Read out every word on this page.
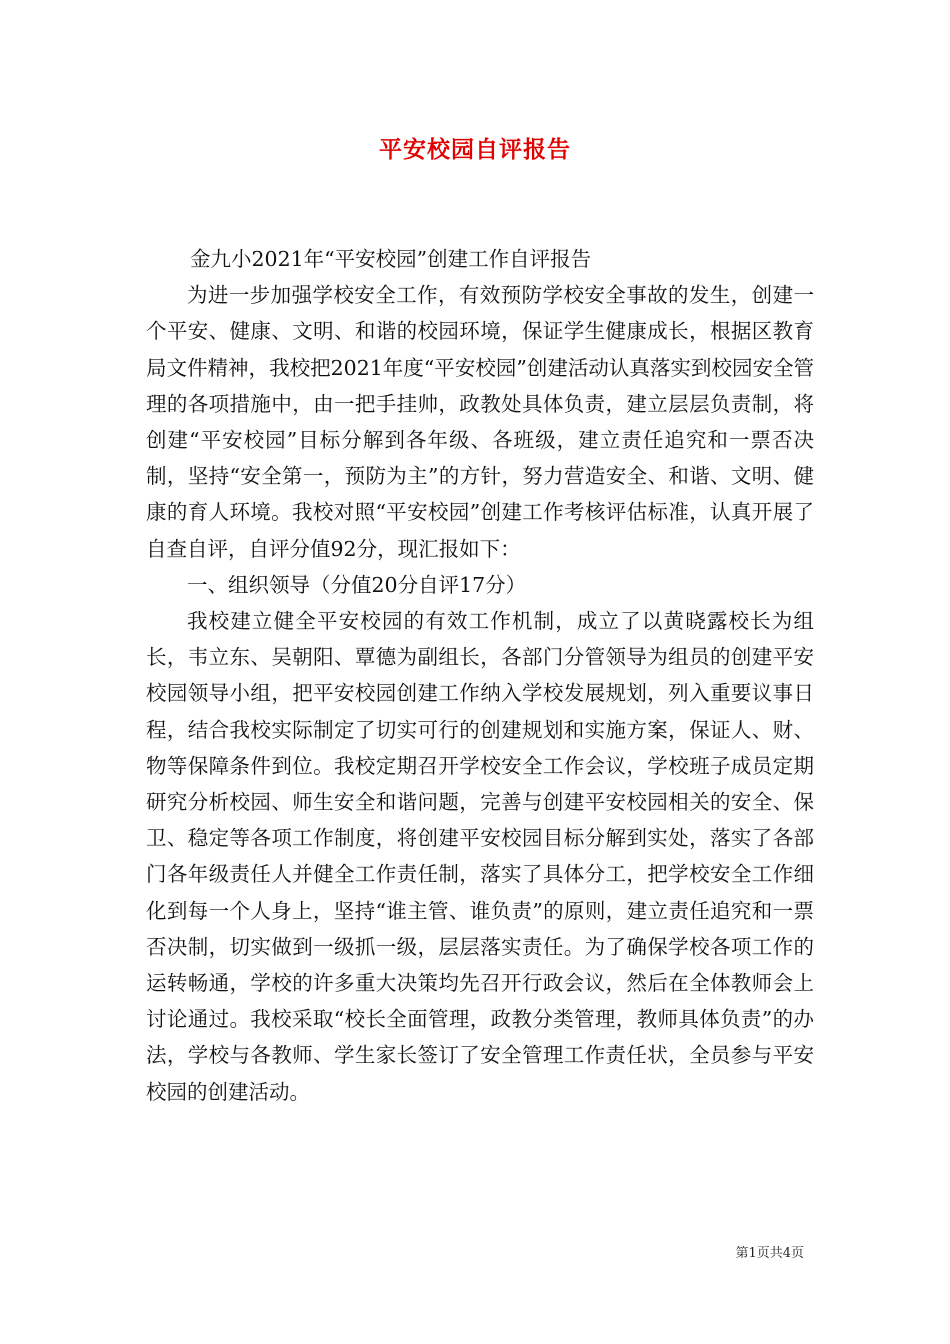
平安校园自评报告
金九小2021年“平安校园”创建工作自评报告

为进一步加强学校安全工作，有效预防学校安全事故的发生，创建一个平安、健康、文明、和谐的校园环境，保证学生健康成长，根据区教育局文件精神，我校把2021年度“平安校园”创建活动认真落实到校园安全管理的各项措施中，由一把手挂帅，政教处具体负责，建立层层负责制，将创建“平安校园”目标分解到各年级、各班级，建立责任追究和一票否决制，坚持“安全第一，预防为主”的方针，努力营造安全、和谐、文明、健康的育人环境。我校对照“平安校园”创建工作考核评估标准，认真开展了自查自评，自评分值92分，现汇报如下：

一、组织领导（分值20分自评17分）

我校建立健全平安校园的有效工作机制，成立了以黄晓露校长为组长，韦立东、吴朝阳、覃德为副组长，各部门分管领导为组员的创建平安校园领导小组，把平安校园创建工作纳入学校发展规划，列入重要议事日程，结合我校实际制定了切实可行的创建规划和实施方案，保证人、财、物等保障条件到位。我校定期召开学校安全工作会议，学校班子成员定期研究分析校园、师生安全和谐问题，完善与创建平安校园相关的安全、保卫、稳定等各项工作制度，将创建平安校园目标分解到实处，落实了各部门各年级责任人并健全工作责任制，落实了具体分工，把学校安全工作细化到每一个人身上，坚持“谁主管、谁负责”的原则，建立责任追究和一票否决制，切实做到一级抓一级，层层落实责任。为了确保学校各项工作的运转畅通，学校的许多重大决策均先召开行政会议，然后在全体教师会上讨论通过。我校采取“校长全面管理，政教分类管理，教师具体负责”的办法，学校与各教师、学生家长签订了安全管理工作责任状，全员参与平安校园的创建活动。

第1页共4页
